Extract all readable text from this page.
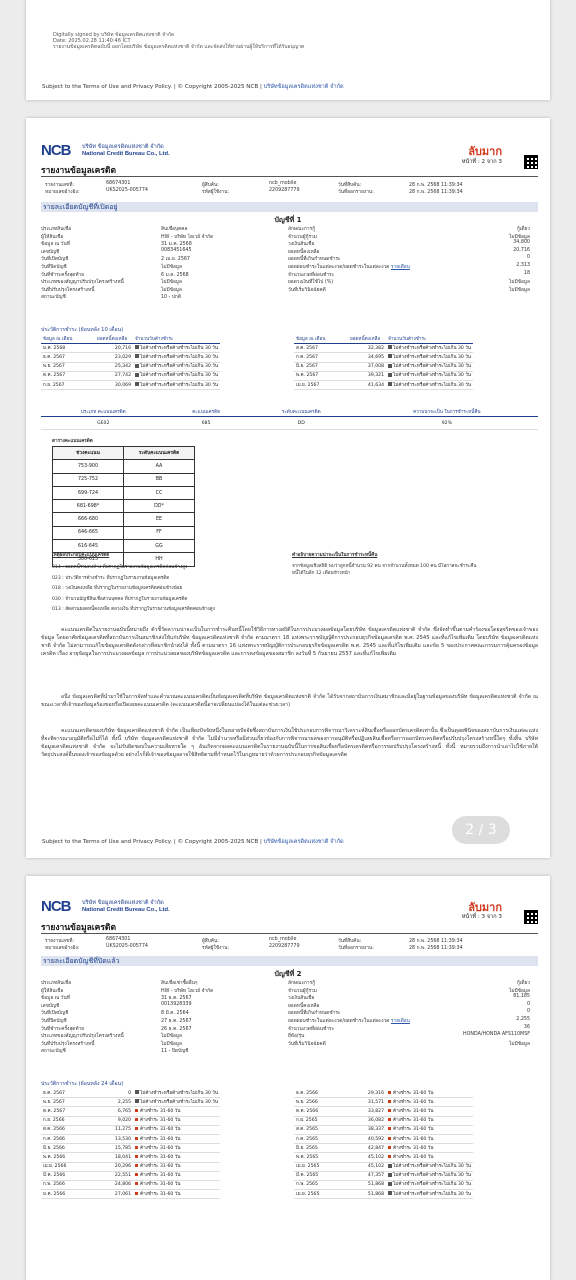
Digitally signed by บริษัท ข้อมูลเครดิตแห่งชาติ จำกัด
Date: 2025.02.28 11:40:46 ICT
รายงานข้อมูลเครดิตฉบับนี้ ออกโดยบริษัท ข้อมูลเครดิตแห่งชาติ จำกัด และจัดส่งให้ท่านผ่านผู้ให้บริการที่ได้รับอนุญาต
Subject to the Terms of Use and Privacy Policy. | © Copyright 2005-2025 NCB | บริษัทข้อมูลเครดิตแห่งชาติ จำกัด
NCB บริษัท ข้อมูลเครดิตแห่งชาติ จำกัด
National Credit Bureau Co., Ltd.	ลับมาก
หน้าที่ : 2 จาก 3
รายงานข้อมูลเครดิต
รายงานเลขที่:	68674301
หมายเลขอ้างอิง:	UKS2025-005774
ผู้สืบค้น:	ncb_mobile
รหัสผู้ใช้งาน:	2209287779
วันที่สืบค้น:	28 ก.พ. 2568 11:39:34
วันที่ออกรายงาน:	28 ก.พ. 2568 11:39:34
รายละเอียดบัญชีที่เปิดอยู่
บัญชีที่ 1
ประเภทสินเชื่อ	สินเชื่อบุคคล
ผู้ให้สินเชื่อ	HW - บริษัท ไฮเวย์ จำกัด
ข้อมูล ณ วันที่	31 ม.ค. 2568
เลขบัญชี	0083451645
วันที่เปิดบัญชี	2 เม.ย. 2567
วันที่ปิดบัญชี	ไม่มีข้อมูล
วันที่ชำระครั้งสุดท้าย	6 ม.ค. 2568
ประเภทของสัญญาปรับปรุงโครงสร้างหนี้	ไม่มีข้อมูล
วันที่ปรับปรุงโครงสร้างหนี้	ไม่มีข้อมูล
สถานะบัญชี	10 - ปกติ
ลักษณะการกู้	กู้เดี่ยว
จำนวนผู้กู้ร่วม	ไม่มีข้อมูล
วงเงินสินเชื่อ	34,800
ยอดหนี้คงเหลือ	20,716
ยอดหนี้ที่เกินกำหนดชำระ	0
ยอดผ่อนชำระในแต่ละงวด/ยอดชำระในแต่ละงวด รายเดือน	2,313
จำนวนงวดที่ผ่อนชำระ	18
ยอดวงเงินที่ใช้ไป (%)	ไม่มีข้อมูล
วันที่เริ่มวินิจฉัยคดี	ไม่มีข้อมูล
ประวัติการชำระ (ย้อนหลัง 10 เดือน)
ข้อมูล ณ เดือน	ยอดหนี้คงเหลือ	จำนวนวันค้างชำระ
ม.ค. 2568	20,716	ไม่ค้างชำระหรือค้างชำระไม่เกิน 30 วัน
ธ.ค. 2567	23,029	ไม่ค้างชำระหรือค้างชำระไม่เกิน 30 วัน
พ.ย. 2567	25,342	ไม่ค้างชำระหรือค้างชำระไม่เกิน 30 วัน
ต.ค. 2567	27,742	ไม่ค้างชำระหรือค้างชำระไม่เกิน 30 วัน
ก.ย. 2567	30,069	ไม่ค้างชำระหรือค้างชำระไม่เกิน 30 วัน
ข้อมูล ณ เดือน	ยอดหนี้คงเหลือ	จำนวนวันค้างชำระ
ส.ค. 2567	32,382	ไม่ค้างชำระหรือค้างชำระไม่เกิน 30 วัน
ก.ค. 2567	34,695	ไม่ค้างชำระหรือค้างชำระไม่เกิน 30 วัน
มิ.ย. 2567	37,008	ไม่ค้างชำระหรือค้างชำระไม่เกิน 30 วัน
พ.ค. 2567	39,321	ไม่ค้างชำระหรือค้างชำระไม่เกิน 30 วัน
เม.ย. 2567	41,634	ไม่ค้างชำระหรือค้างชำระไม่เกิน 30 วัน
ประเภท คะแนนเครดิต	คะแนนเครดิต	ระดับคะแนนเครดิต	ความน่าจะเป็น ในการชำระหนี้คืน
GE02	685	DD	92%
ตารางคะแนนเครดิต
ช่วงคะแนน	ระดับคะแนนเครดิต
753-900	AA
725-752	BB
699-724	CC
681-698*	DD*
666-680	EE
646-665	FF
616-645	GG
300-615	HH
เหตุผลประกอบคะแนนเครดิต
014 : ยอดหนี้รวมคงค้าง ที่ปรากฏในรายงานข้อมูลเครดิตค่อนข้างสูง
023 : ประวัติการค้างชำระ ที่ปรากฏในรายงานข้อมูลเครดิต
018 : วงเงินคงเหลือ ที่ปรากฏในรายงานข้อมูลเครดิตค่อนข้างน้อย
030 : จำนวนบัญชีสินเชื่อส่วนบุคคล ที่ปรากฏในรายงานข้อมูลเครดิต
013 : สัดส่วนยอดหนี้คงเหลือ ต่อวงเงิน ที่ปรากฏในรายงานข้อมูลเครดิตค่อนข้างสูง
คำอธิบายความน่าจะเป็นในการชำระหนี้คืน
จากข้อมูลเชิงสถิติ พบว่าลูกหนี้จำนวน 92 คน จากจำนวนทั้งหมด 100 คน มีโอกาสจะชำระคืนหนี้ได้ในอีก 12 เดือนข้างหน้า
คะแนนเครดิตในรายงานฉบับนี้หมายถึง ตัวชี้วัดความน่าจะเป็นในการชำระคืนหนี้โดยใช้วิธีการทางสถิติในการประมวลผลข้อมูลโดยบริษัท ข้อมูลเครดิตแห่งชาติ จำกัด ซึ่งจัดทำขึ้นตามคำร้องขอโดยสุจริตของเจ้าของข้อมูล โดยอาศัยข้อมูลเครดิตที่สถาบันการเงินสมาชิกส่งให้แก่บริษัท ข้อมูลเครดิตแห่งชาติ จำกัด ตามมาตรา 18 แห่งพระราชบัญญัติการประกอบธุรกิจข้อมูลเครดิต พ.ศ. 2545 และที่แก้ไขเพิ่มเติม โดยบริษัท ข้อมูลเครดิตแห่งชาติ จำกัด ไม่สามารถแก้ไขข้อมูลเครดิตดังกล่าวที่สมาชิกนำส่งได้ ทั้งนี้ ตามมาตรา 16 แห่งพระราชบัญญัติการประกอบธุรกิจข้อมูลเครดิต พ.ศ. 2545 และที่แก้ไขเพิ่มเติม และข้อ 5 ของประกาศคณะกรรมการคุ้มครองข้อมูลเครดิต เรื่อง อายุข้อมูลในการประมวลผลข้อมูล การประมวลผลของบริษัทข้อมูลเครดิต และการคงข้อมูลของสมาชิก ลงวันที่ 5 กันยายน 2557 และที่แก้ไขเพิ่มเติม
อนึ่ง ข้อมูลเครดิตที่นำมาใช้ในการจัดทำและคำนวณคะแนนเครดิตเป็นข้อมูลเครดิตที่บริษัท ข้อมูลเครดิตแห่งชาติ จำกัด ได้รับจากสถาบันการเงินสมาชิกและมีอยู่ในฐานข้อมูลของบริษัท ข้อมูลเครดิตแห่งชาติ จำกัด ณ ขณะเวลาที่เจ้าของข้อมูลร้องขอหรือเปิดเผยคะแนนเครดิต (คะแนนเครดิตนี้อาจเปลี่ยนแปลงได้ในแต่ละช่วงเวลา)
คะแนนเครดิตของบริษัท ข้อมูลเครดิตแห่งชาติ จำกัด เป็นเพียงปัจจัยหนึ่งในหลายปัจจัยซึ่งสถาบันการเงินใช้ประกอบการพิจารณาวิเคราะห์สินเชื่อหรือออกบัตรเครดิตเท่านั้น ซึ่งเป็นดุลยพินิจของสถาบันการเงินแต่ละแห่งที่จะพิจารณาอนุมัติหรือไม่ก็ได้ ทั้งนี้ บริษัท ข้อมูลเครดิตแห่งชาติ จำกัด ไม่มีอำนาจหรือมีส่วนเกี่ยวข้องกับการพิจารณาผลของการอนุมัติหรือปฏิเสธสินเชื่อหรือการออกบัตรเครดิตหรือปรับปรุงโครงสร้างหนี้ใดๆ ทั้งสิ้น บริษัท ข้อมูลเครดิตแห่งชาติ จำกัด จะไม่รับผิดชอบในความเสียหายใด ๆ อันเกิดจากผลคะแนนเครดิตในรายงานฉบับนี้ในการขอสินเชื่อหรือบัตรเครดิตหรือการขอปรับปรุงโครงสร้างหนี้ ทั้งนี้ หมายรวมถึงการนำเอาไปใช้ภายใต้วัตถุประสงค์อื่นของเจ้าของข้อมูลด้วย อย่างไรก็ดีเจ้าของข้อมูลอาจใช้สิทธิตามที่กำหนดไว้ในกฎหมายว่าด้วยการประกอบธุรกิจข้อมูลเครดิต
2 / 3
Subject to the Terms of Use and Privacy Policy. | © Copyright 2005-2025 NCB | บริษัทข้อมูลเครดิตแห่งชาติ จำกัด
NCB บริษัท ข้อมูลเครดิตแห่งชาติ จำกัด
National Credit Bureau Co., Ltd.	ลับมาก
หน้าที่ : 3 จาก 3
รายงานข้อมูลเครดิต
รายงานเลขที่:	68674301
หมายเลขอ้างอิง:	UKS2025-005774
ผู้สืบค้น:	ncb_mobile
รหัสผู้ใช้งาน:	2209287779
วันที่สืบค้น:	28 ก.พ. 2568 11:39:34
วันที่ออกรายงาน:	28 ก.พ. 2568 11:39:34
รายละเอียดบัญชีที่ปิดแล้ว
บัญชีที่ 2
ประเภทสินเชื่อ	สินเชื่อเช่าซื้ออื่นๆ
ผู้ให้สินเชื่อ	HW - บริษัท ไฮเวย์ จำกัด
ข้อมูล ณ วันที่	31 ธ.ค. 2567
เลขบัญชี	0013928339
วันที่เปิดบัญชี	8 มี.ค. 2564
วันที่ปิดบัญชี	27 ธ.ค. 2567
วันที่ชำระครั้งสุดท้าย	26 ธ.ค. 2567
ประเภทของสัญญาปรับปรุงโครงสร้างหนี้	ไม่มีข้อมูล
วันที่ปรับปรุงโครงสร้างหนี้	ไม่มีข้อมูล
สถานะบัญชี	11 - ปิดบัญชี
ลักษณะการกู้	กู้เดี่ยว
จำนวนผู้กู้ร่วม	ไม่มีข้อมูล
วงเงินสินเชื่อ	81,185
ยอดหนี้คงเหลือ	0
ยอดหนี้ที่เกินกำหนดชำระ	0
ยอดผ่อนชำระในแต่ละงวด/ยอดชำระในแต่ละงวด รายเดือน	2,255
จำนวนงวดที่ผ่อนชำระ	36
ยี่ห้อ/รุ่น	HONDA/HONDA AFS110MSF
วันที่เริ่มวินิจฉัยคดี	ไม่มีข้อมูล
ประวัติการชำระ (ย้อนหลัง 24 เดือน)
ธ.ค. 2567	0	ไม่ค้างชำระหรือค้างชำระไม่เกิน 30 วัน
พ.ย. 2567	2,255	ไม่ค้างชำระหรือค้างชำระไม่เกิน 30 วัน
ต.ค. 2567	6,765	ค้างชำระ 31-60 วัน
ก.ย. 2566	9,020	ค้างชำระ 31-60 วัน
ส.ค. 2566	11,275	ค้างชำระ 31-60 วัน
ก.ค. 2566	13,530	ค้างชำระ 31-60 วัน
มิ.ย. 2566	15,785	ค้างชำระ 31-60 วัน
พ.ค. 2566	18,041	ค้างชำระ 31-60 วัน
เม.ย. 2566	20,296	ค้างชำระ 31-60 วัน
มี.ค. 2566	22,551	ค้างชำระ 31-60 วัน
ก.พ. 2566	24,806	ค้างชำระ 31-60 วัน
ม.ค. 2566	27,061	ค้างชำระ 31-60 วัน
ธ.ค. 2566	29,316	ค้างชำระ 31-60 วัน
พ.ย. 2566	31,571	ค้างชำระ 31-60 วัน
ต.ค. 2566	33,827	ค้างชำระ 31-60 วัน
ก.ย. 2565	36,082	ค้างชำระ 31-60 วัน
ส.ค. 2565	38,337	ค้างชำระ 31-60 วัน
ก.ค. 2565	40,592	ค้างชำระ 31-60 วัน
มิ.ย. 2565	42,847	ค้างชำระ 31-60 วัน
พ.ค. 2565	45,102	ค้างชำระ 31-60 วัน
เม.ย. 2565	45,102	ไม่ค้างชำระหรือค้างชำระไม่เกิน 30 วัน
มี.ค. 2565	47,357	ไม่ค้างชำระหรือค้างชำระไม่เกิน 30 วัน
ก.พ. 2565	51,868	ไม่ค้างชำระหรือค้างชำระไม่เกิน 30 วัน
เม.ย. 2565	51,868	ไม่ค้างชำระหรือค้างชำระไม่เกิน 30 วัน
